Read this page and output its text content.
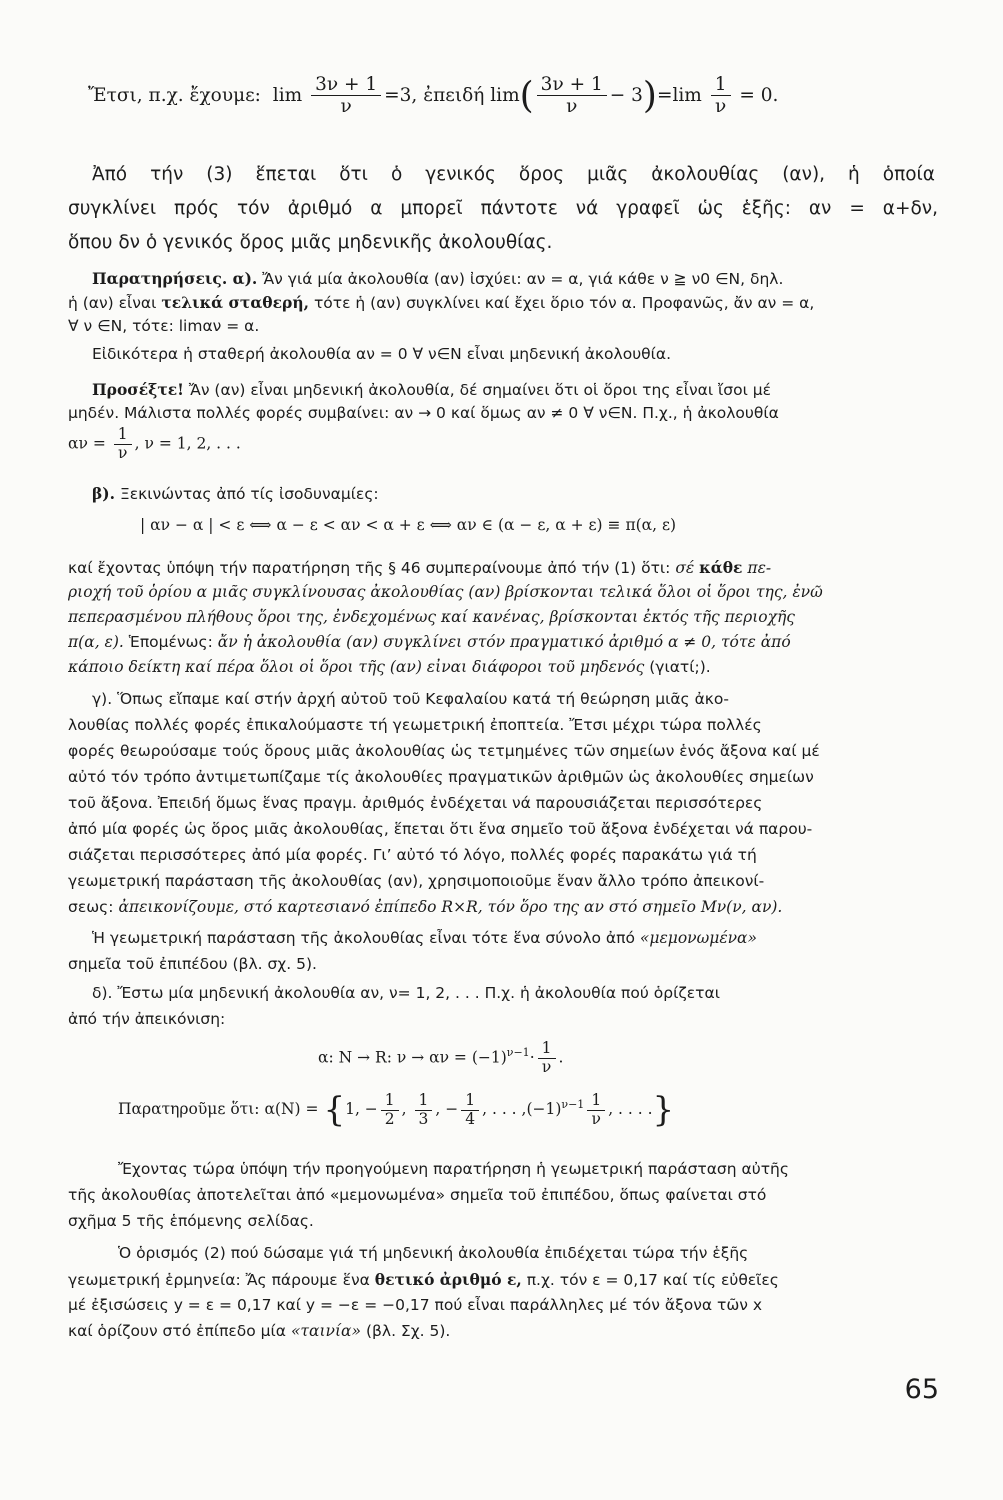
Ἔτσι, π.χ. ἔχουμε: $\lim \frac{3\nu + 1}{\nu} =3$, ἐπειδή $\lim( \frac{3\nu + 1}{\nu} - 3)=\lim \frac{1}{\nu} = 0$.
Ἀπό τήν (3) ἕπεται ὅτι ὁ γενικός ὅρος μιᾶς ἀκολουθίας (αν), ἡ ὁποία
συγκλίνει πρός τόν ἀριθμό α μπορεῖ πάντοτε νά γραφεῖ ὡς ἑξῆς: αν = α+δν,
ὅπου δν ὁ γενικός ὅρος μιᾶς μηδενικῆς ἀκολουθίας.
Παρατηρήσεις. α). Ἄν γιά μία ἀκολουθία (αν) ἰσχύει: αν = α, γιά κάθε ν ≧ ν0 ∈N, δηλ.
ἡ (αν) εἶναι τελικά σταθερή, τότε ἡ (αν) συγκλίνει καί ἔχει ὅριο τόν α. Προφανῶς, ἄν αν = α,
∀ ν ∈N, τότε: limαν = α.
Εἰδικότερα ἡ σταθερή ἀκολουθία αν = 0 ∀ ν∈N εἶναι μηδενική ἀκολουθία.
Προσέξτε! Ἄν (αν) εἶναι μηδενική ἀκολουθία, δέ σημαίνει ὅτι οἱ ὅροι της εἶναι ἴσοι μέ
μηδέν. Μάλιστα πολλές φορές συμβαίνει: αν → 0 καί ὅμως αν ≠ 0 ∀ ν∈N. Π.χ., ἡ ἀκολουθία
$\alpha\nu = \frac{1}{\nu}$ , ν = 1, 2, . . .
β). Ξεκινώντας ἀπό τίς ἰσοδυναμίες:
| αν − α | < ε ⟺ α − ε < αν < α + ε ⟺ αν ∈ (α − ε, α + ε) ≡ π(α, ε)
καί ἔχοντας ὑπόψη τήν παρατήρηση τῆς § 46 συμπεραίνουμε ἀπό τήν (1) ὅτι: σέ κάθε πε-
ριοχή τοῦ ὁρίου α μιᾶς συγκλίνουσας ἀκολουθίας (αν) βρίσκονται τελικά ὅλοι οἱ ὅροι της, ἐνῶ
πεπερασμένου πλήθους ὅροι της, ἐνδεχομένως καί κανένας, βρίσκονται ἐκτός τῆς περιοχῆς
π(α, ε). Ἑπομένως: ἄν ἡ ἀκολουθία (αν) συγκλίνει στόν πραγματικό ἀριθμό α ≠ 0, τότε ἀπό
κάποιο δείκτη καί πέρα ὅλοι οἱ ὅροι τῆς (αν) εἶναι διάφοροι τοῦ μηδενός (γιατί;).
γ). Ὅπως εἴπαμε καί στήν ἀρχή αὐτοῦ τοῦ Κεφαλαίου κατά τή θεώρηση μιᾶς ἀκο-
λουθίας πολλές φορές ἐπικαλούμαστε τή γεωμετρική ἐποπτεία. Ἔτσι μέχρι τώρα πολλές
φορές θεωρούσαμε τούς ὅρους μιᾶς ἀκολουθίας ὡς τετμημένες τῶν σημείων ἑνός ἄξονα καί μέ
αὐτό τόν τρόπο ἀντιμετωπίζαμε τίς ἀκολουθίες πραγματικῶν ἀριθμῶν ὡς ἀκολουθίες σημείων
τοῦ ἄξονα. Ἐπειδή ὅμως ἕνας πραγμ. ἀριθμός ἐνδέχεται νά παρουσιάζεται περισσότερες
ἀπό μία φορές ὡς ὅρος μιᾶς ἀκολουθίας, ἕπεται ὅτι ἕνα σημεῖο τοῦ ἄξονα ἐνδέχεται νά παρου-
σιάζεται περισσότερες ἀπό μία φορές. Γι’ αὐτό τό λόγο, πολλές φορές παρακάτω γιά τή
γεωμετρική παράσταση τῆς ἀκολουθίας (αν), χρησιμοποιοῦμε ἕναν ἄλλο τρόπο ἀπεικονί-
σεως: ἀπεικονίζουμε, στό καρτεσιανό ἐπίπεδο R×R, τόν ὅρο της αν στό σημεῖο Mν(ν, αν).
Ἡ γεωμετρική παράσταση τῆς ἀκολουθίας εἶναι τότε ἕνα σύνολο ἀπό «μεμονωμένα»
σημεῖα τοῦ ἐπιπέδου (βλ. σχ. 5).
δ). Ἔστω μία μηδενική ἀκολουθία αν, ν= 1, 2, . . . Π.χ. ἡ ἀκολουθία πού ὁρίζεται
ἀπό τήν ἀπεικόνιση:
α: N → R: $\nu \to \alpha\nu = (-1)^{\nu-1}\cdot \frac{1}{\nu}$ .
Παρατηροῦμε ὅτι: α(N) = {1, − $\frac{1}{2}$ , $\frac{1}{3}$ , − $\frac{1}{4}$ , . . . $,(-1)^{\nu-1} \frac{1}{\nu}$ , . . . .}
Ἔχοντας τώρα ὑπόψη τήν προηγούμενη παρατήρηση ἡ γεωμετρική παράσταση αὐτῆς
τῆς ἀκολουθίας ἀποτελεῖται ἀπό «μεμονωμένα» σημεῖα τοῦ ἐπιπέδου, ὅπως φαίνεται στό
σχῆμα 5 τῆς ἑπόμενης σελίδας.
Ὁ ὁρισμός (2) πού δώσαμε γιά τή μηδενική ἀκολουθία ἐπιδέχεται τώρα τήν ἑξῆς
γεωμετρική ἑρμηνεία: Ἄς πάρουμε ἕνα θετικό ἀριθμό ε, π.χ. τόν ε = 0,17 καί τίς εὐθεῖες
μέ ἐξισώσεις y = ε = 0,17 καί y = −ε = −0,17 πού εἶναι παράλληλες μέ τόν ἄξονα τῶν x
καί ὁρίζουν στό ἐπίπεδο μία «ταινία» (βλ. Σχ. 5).
65
